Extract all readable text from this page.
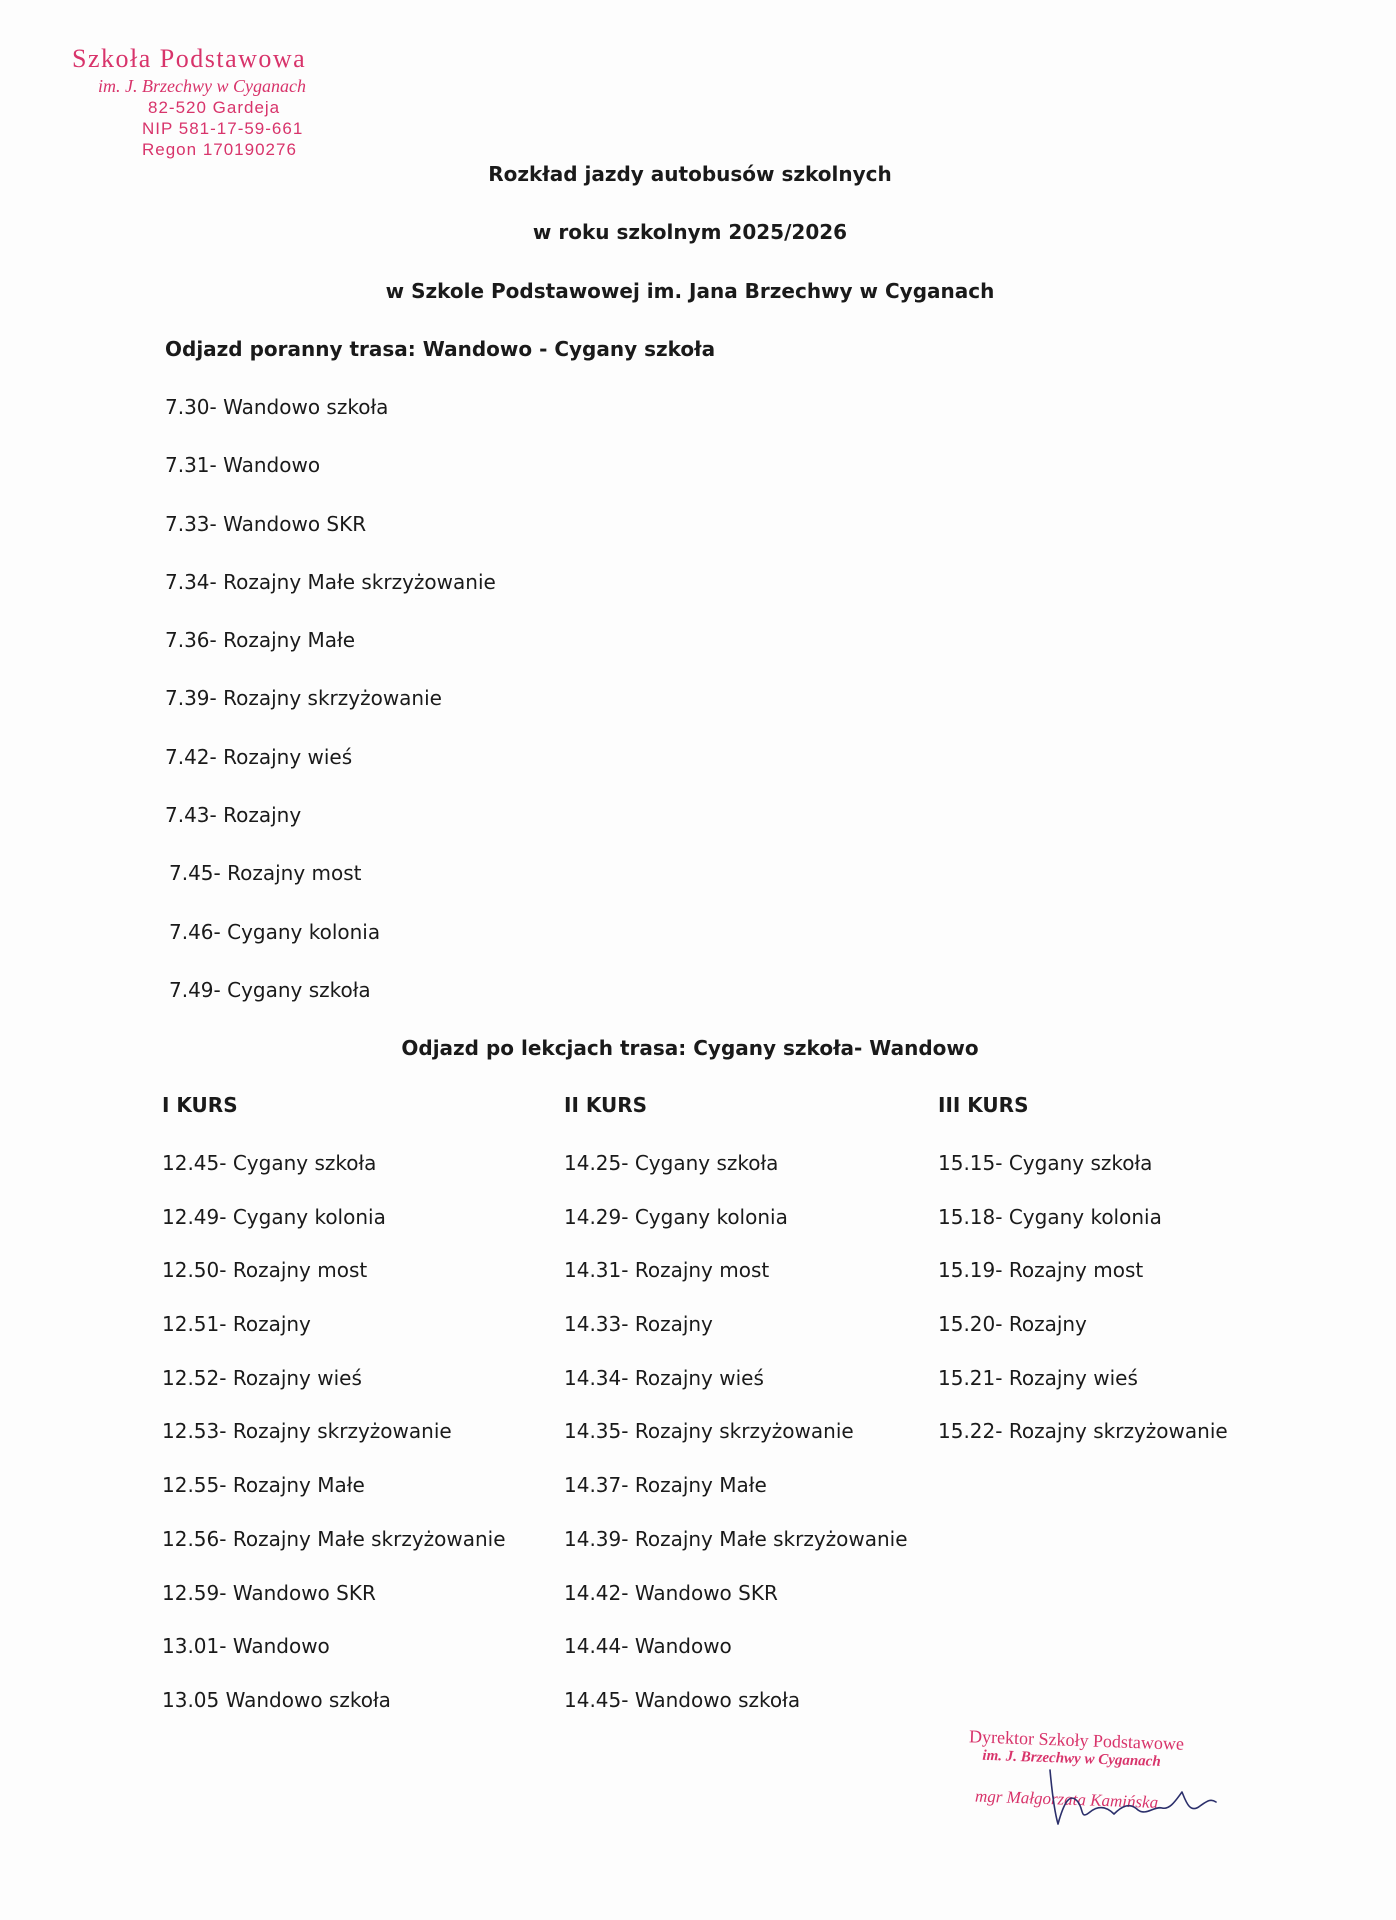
Szkoła Podstawowa
im. J. Brzechwy w Cyganach
82-520 Gardeja
NIP 581-17-59-661
Regon 170190276
Rozkład jazdy autobusów szkolnych
w roku szkolnym 2025/2026
w Szkole Podstawowej im. Jana Brzechwy w Cyganach
Odjazd poranny trasa: Wandowo - Cygany szkoła
7.30- Wandowo szkoła
7.31- Wandowo
7.33- Wandowo SKR
7.34- Rozajny Małe skrzyżowanie
7.36- Rozajny Małe
7.39- Rozajny skrzyżowanie
7.42- Rozajny wieś
7.43- Rozajny
7.45- Rozajny most
7.46- Cygany kolonia
7.49- Cygany szkoła
Odjazd po lekcjach trasa: Cygany szkoła- Wandowo
I KURS
12.45- Cygany szkoła
12.49- Cygany kolonia
12.50- Rozajny most
12.51- Rozajny
12.52- Rozajny wieś
12.53- Rozajny skrzyżowanie
12.55- Rozajny Małe
12.56- Rozajny Małe skrzyżowanie
12.59- Wandowo SKR
13.01- Wandowo
13.05 Wandowo szkoła
II KURS
14.25- Cygany szkoła
14.29- Cygany kolonia
14.31- Rozajny most
14.33- Rozajny
14.34- Rozajny wieś
14.35- Rozajny skrzyżowanie
14.37- Rozajny Małe
14.39- Rozajny Małe skrzyżowanie
14.42- Wandowo SKR
14.44- Wandowo
14.45- Wandowo szkoła
III KURS
15.15- Cygany szkoła
15.18- Cygany kolonia
15.19- Rozajny most
15.20- Rozajny
15.21- Rozajny wieś
15.22- Rozajny skrzyżowanie
Dyrektor Szkoły Podstawowe
im. J. Brzechwy w Cyganach
mgr Małgorzata Kamińska
